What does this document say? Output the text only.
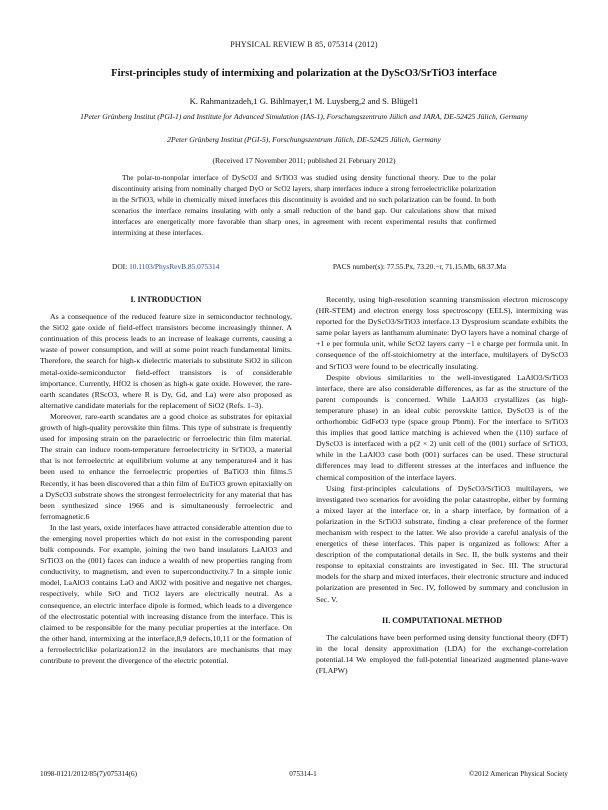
PHYSICAL REVIEW B 85, 075314 (2012)
First-principles study of intermixing and polarization at the DyScO3/SrTiO3 interface
K. Rahmanizadeh,1 G. Bihlmayer,1 M. Luysberg,2 and S. Blügel1
1Peter Grünberg Institut (PGI-1) and Institute for Advanced Simulation (IAS-1), Forschungszentrum Jülich and JARA, DE-52425 Jülich, Germany
2Peter Grünberg Institut (PGI-5), Forschungszentrum Jülich, DE-52425 Jülich, Germany
(Received 17 November 2011; published 21 February 2012)

The polar-to-nonpolar interface of DyScO3 and SrTiO3 was studied using density functional theory. Due to the polar discontinuity arising from nominally charged DyO or ScO2 layers, sharp interfaces induce a strong ferroelectriclike polarization in the SrTiO3, while in chemically mixed interfaces this discontinuity is avoided and no such polarization can be found. In both scenarios the interface remains insulating with only a small reduction of the band gap. Our calculations show that mixed interfaces are energetically more favorable than sharp ones, in agreement with recent experimental results that confirmed intermixing at these interfaces.

DOI: 10.1103/PhysRevB.85.075314	PACS number(s): 77.55.Px, 73.20.−r, 71.15.Mb, 68.37.Ma
I. INTRODUCTION

As a consequence of the reduced feature size in semiconductor technology, the SiO2 gate oxide of field-effect transistors become increasingly thinner. A continuation of this process leads to an increase of leakage currents, causing a waste of power consumption, and will at some point reach fundamental limits. Therefore, the search for high-κ dielectric materials to substitute SiO2 in silicon metal-oxide-semiconductor field-effect transistors is of considerable importance. Currently, HfO2 is chosen as high-κ gate oxide. However, the rare-earth scandates (RScO3, where R is Dy, Gd, and La) were also proposed as alternative candidate materials for the replacement of SiO2 (Refs. 1–3).

Moreover, rare-earth scandates are a good choice as substrates for epitaxial growth of high-quality perovskite thin films. This type of substrate is frequently used for imposing strain on the paraelectric or ferroelectric thin film material. The strain can induce room-temperature ferroelectricity in SrTiO3, a material that is not ferroelectric at equilibrium volume at any temperature4 and it has been used to enhance the ferroelectric properties of BaTiO3 thin films.5 Recently, it has been discovered that a thin film of EuTiO3 grown epitaxially on a DyScO3 substrate shows the strongest ferroelectricity for any material that has been synthesized since 1966 and is simultaneously ferroelectric and ferromagnetic.6

In the last years, oxide interfaces have attracted considerable attention due to the emerging novel properties which do not exist in the corresponding parent bulk compounds. For example, joining the two band insulators LaAlO3 and SrTiO3 on the (001) faces can induce a wealth of new properties ranging from conductivity, to magnetism, and even to superconductivity.7 In a simple ionic model, LaAlO3 contains LaO and AlO2 with positive and negative net charges, respectively, while SrO and TiO2 layers are electrically neutral. As a consequence, an electric interface dipole is formed, which leads to a divergence of the electrostatic potential with increasing distance from the interface. This is claimed to be responsible for the many peculiar properties at the interface. On the other hand, intermixing at the interface,8,9 defects,10,11 or the formation of a ferroelectriclike polarization12 in the insulators are mechanisms that may contribute to prevent the divergence of the electric potential.

Recently, using high-resolution scanning transmission electron microscopy (HR-STEM) and electron energy loss spectroscopy (EELS), intermixing was reported for the DyScO3/SrTiO3 interface.13 Dysprosium scandate exhibits the same polar layers as lanthanum aluminate: DyO layers have a nominal charge of +1 e per formula unit, while ScO2 layers carry −1 e charge per formula unit. In consequence of the off-stoichiometry at the interface, multilayers of DyScO3 and SrTiO3 were found to be electrically insulating.

Despite obvious similarities to the well-investigated LaAlO3/SrTiO3 interface, there are also considerable differences, as far as the structure of the parent compounds is concerned. While LaAlO3 crystallizes (as high-temperature phase) in an ideal cubic perovskite lattice, DyScO3 is of the orthorhombic GdFeO3 type (space group Pbnm). For the interface to SrTiO3 this implies that good lattice matching is achieved when the (110) surface of DyScO3 is interfaced with a p(2 × 2) unit cell of the (001) surface of SrTiO3, while in the LaAlO3 case both (001) surfaces can be used. These structural differences may lead to different stresses at the interfaces and influence the chemical composition of the interface layers.

Using first-principles calculations of DyScO3/SrTiO3 multilayers, we investigated two scenarios for avoiding the polar catastrophe, either by forming a mixed layer at the interface or, in a sharp interface, by formation of a polarization in the SrTiO3 substrate, finding a clear preference of the former mechanism with respect to the latter. We also provide a careful analysis of the energetics of these interfaces. This paper is organized as follows: After a description of the computational details in Sec. II, the bulk systems and their response to epitaxial constraints are investigated in Sec. III. The structural models for the sharp and mixed interfaces, their electronic structure and induced polarization are presented in Sec. IV, followed by summary and conclusion in Sec. V.

II. COMPUTATIONAL METHOD

The calculations have been performed using density functional theory (DFT) in the local density approximation (LDA) for the exchange-correlation potential.14 We employed the full-potential linearized augmented plane-wave (FLAPW)

1098-0121/2012/85(7)/075314(6)	075314-1	©2012 American Physical Society
